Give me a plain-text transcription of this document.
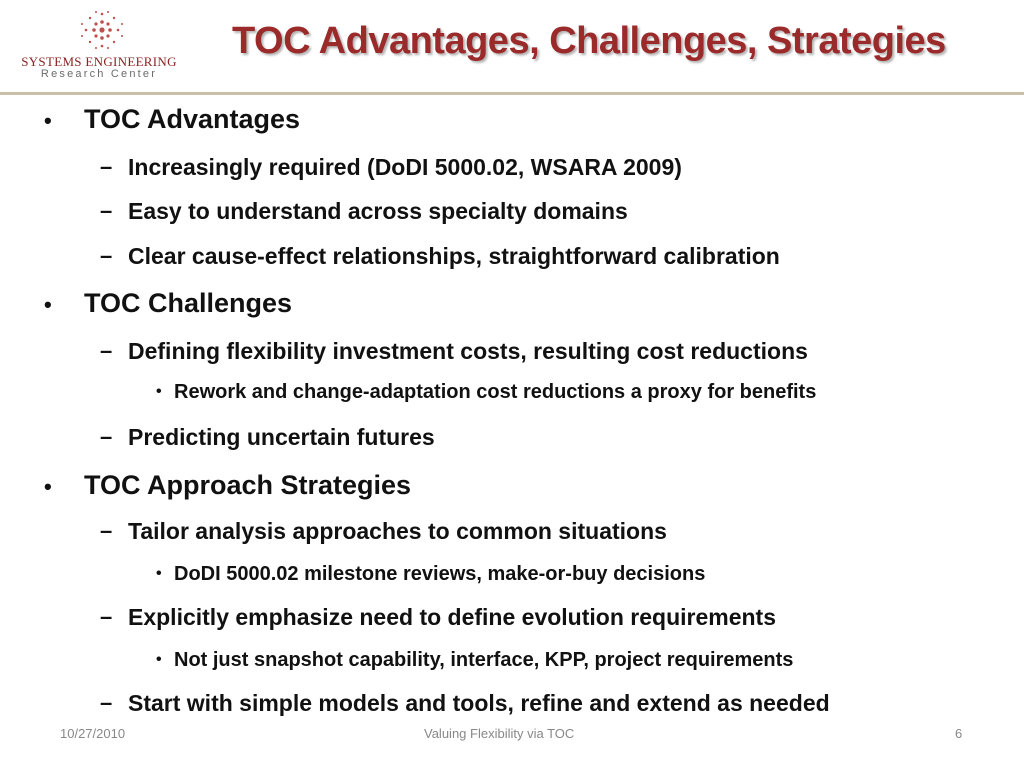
SYSTEMS ENGINEERING
Research Center
TOC Advantages, Challenges, Strategies
• TOC Advantages
– Increasingly required (DoDI 5000.02, WSARA 2009)
– Easy to understand across specialty domains
– Clear cause-effect relationships, straightforward calibration
• TOC Challenges
– Defining flexibility investment costs, resulting cost reductions
• Rework and change-adaptation cost reductions a proxy for benefits
– Predicting uncertain futures
• TOC Approach Strategies
– Tailor analysis approaches to common situations
• DoDI 5000.02 milestone reviews, make-or-buy decisions
– Explicitly emphasize need to define evolution requirements
• Not just snapshot capability, interface, KPP, project requirements
– Start with simple models and tools, refine and extend as needed
10/27/2010	Valuing Flexibility via TOC	6
